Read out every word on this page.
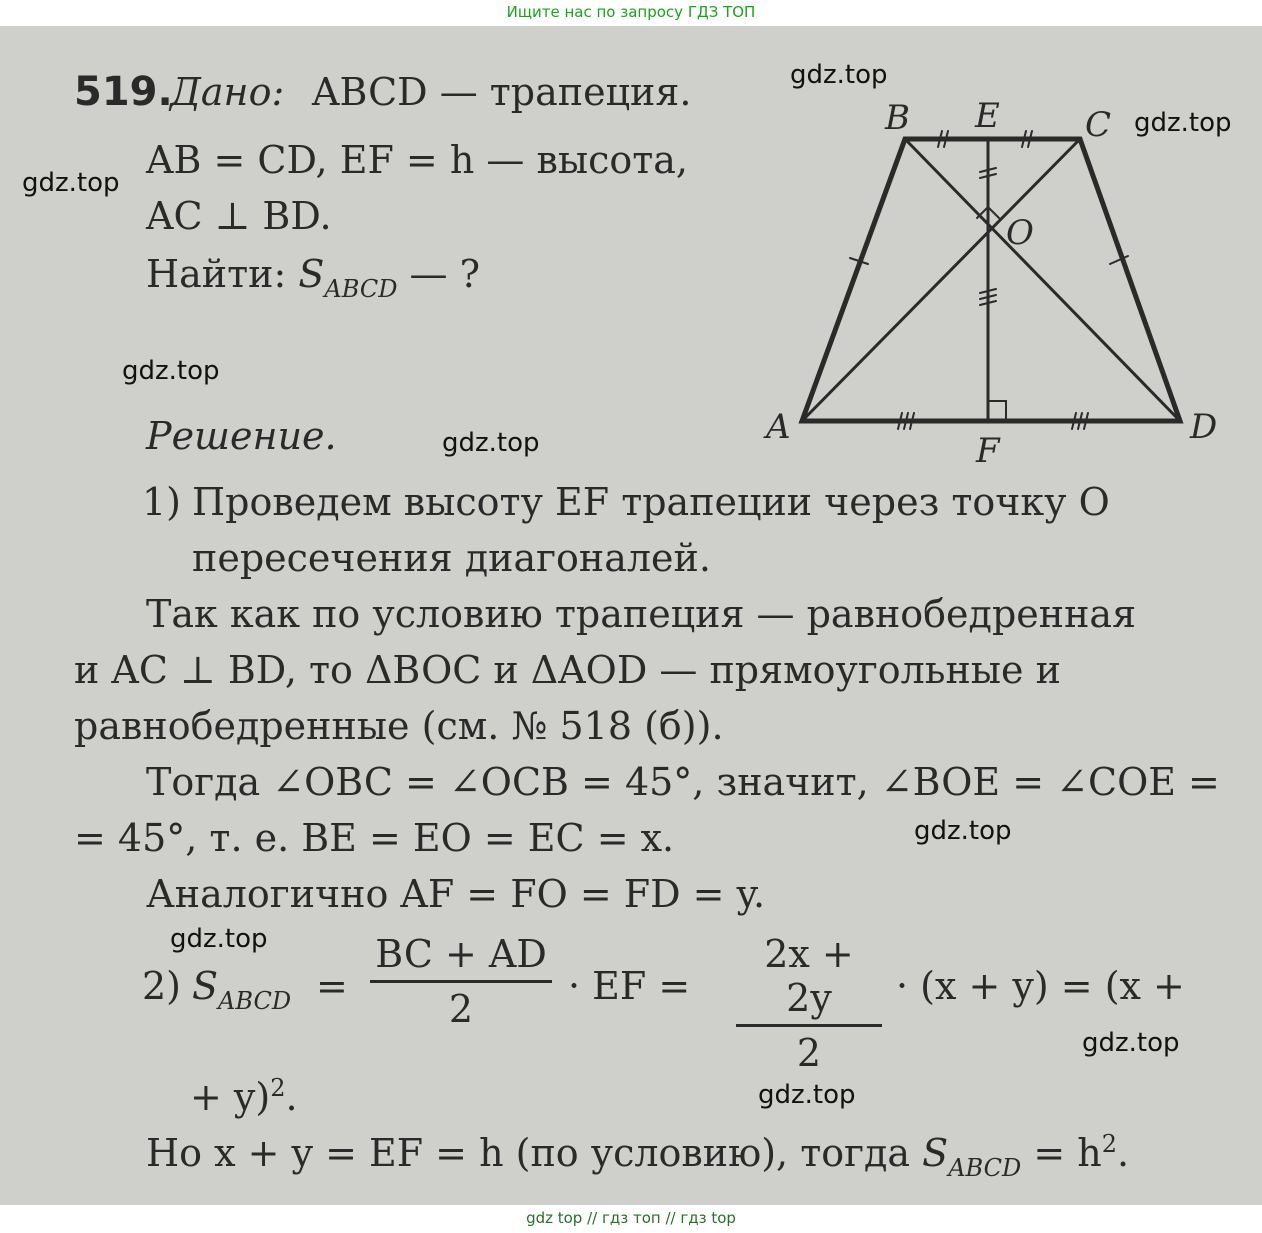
Ищите нас по запросу ГДЗ ТОП
519.
Дано: ABCD — трапеция.
AB = CD, EF = h — высота,
AC ⊥ BD.
Найти: $S_{ABCD}$ — ?
B E	C
O
A	D
F
Решение.
1) Проведем высоту EF трапеции через точку O
пересечения диагоналей.
Так как по условию трапеция — равнобедренная
и AC ⊥ BD, то ΔBOC и ΔAOD — прямоугольные и
равнобедренные (см. № 518 (б)).
Тогда ∠OBC = ∠OCB = 45°, значит, ∠BOE = ∠COE =
= 45°, т. е. BE = EO = EC = x.
Аналогично AF = FO = FD = y.
2) $S_{ABCD}$ =
BC + AD
2
· EF =
2x + 2y
2
· (x + y) = (x +
+ y)$^2$.
Но x + y = EF = h (по условию), тогда $S_{ABCD} = h^2$.
gdz.top
gdz.top
gdz.top
gdz.top
gdz.top
gdz.top
gdz.top
gdz.top
gdz.top
gdz top // гдз топ // гдз top
